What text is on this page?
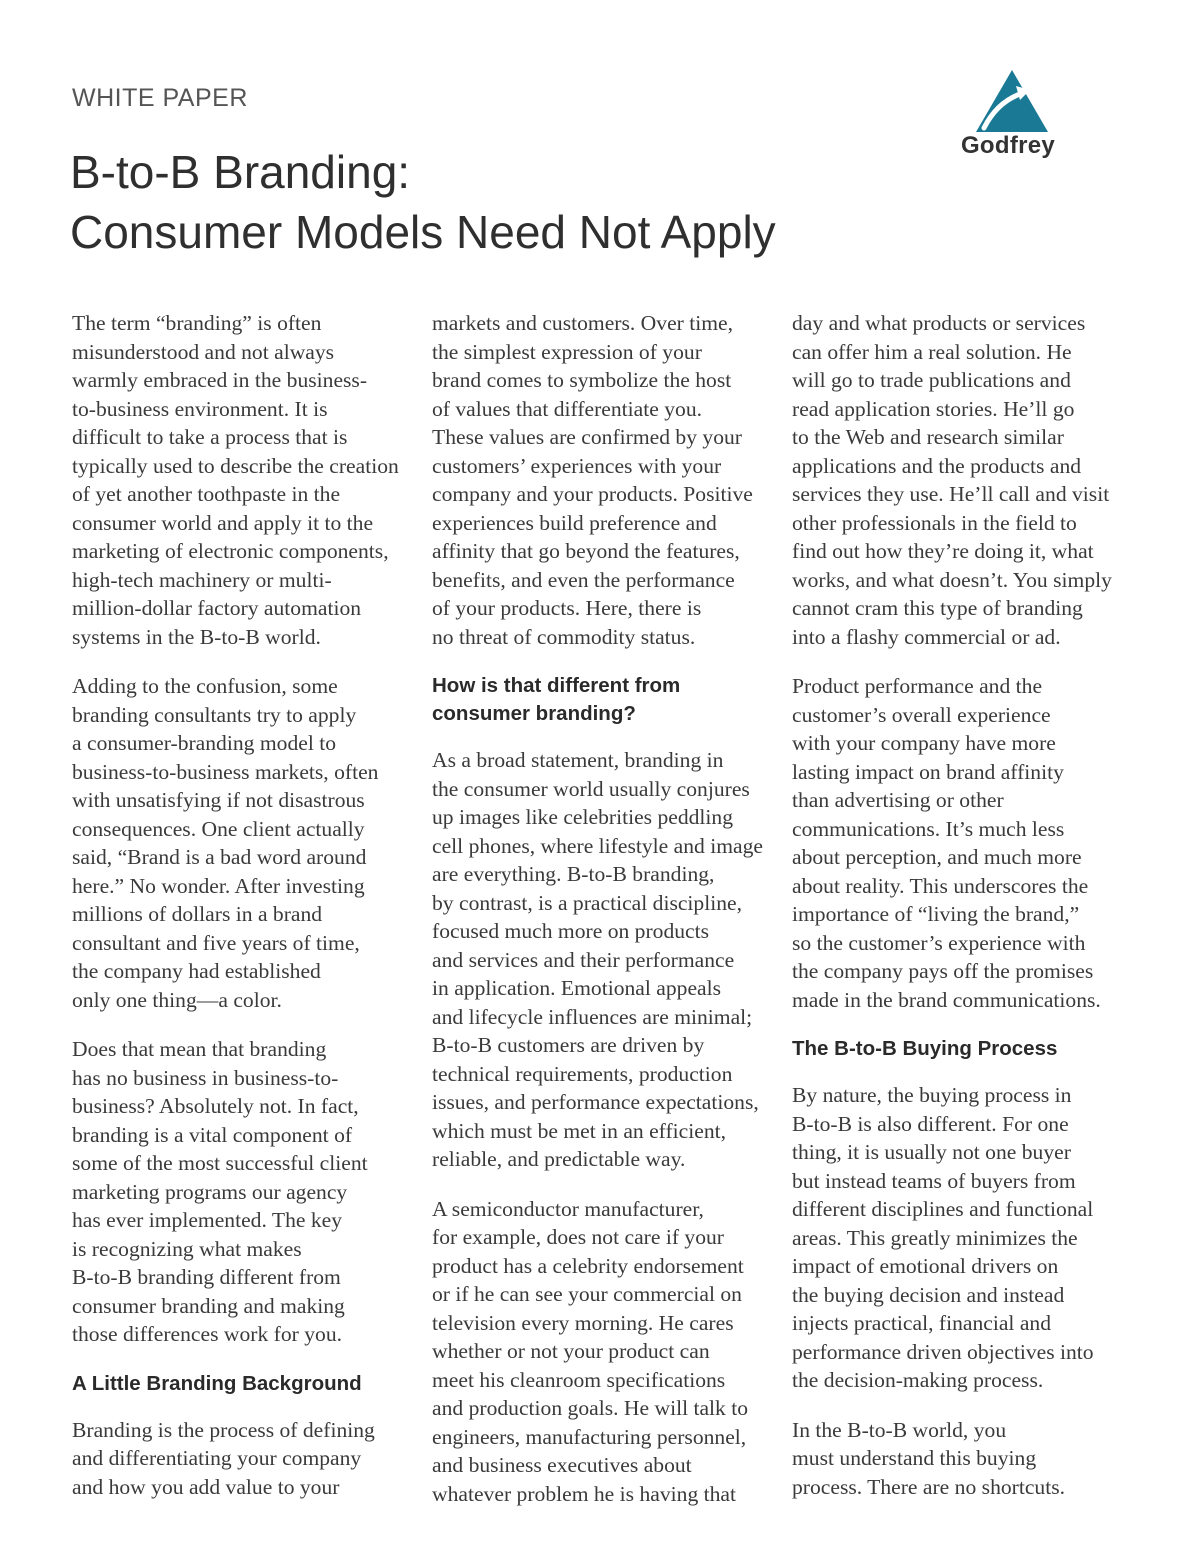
WHITE PAPER

B-to-B Branding:
Consumer Models Need Not Apply
Godfrey

The term “branding” is often
misunderstood and not always
warmly embraced in the business-
to-business environment. It is
difficult to take a process that is
typically used to describe the creation
of yet another toothpaste in the
consumer world and apply it to the
marketing of electronic components,
high-tech machinery or multi-
million-dollar factory automation
systems in the B-to-B world.

Adding to the confusion, some
branding consultants try to apply
a consumer-branding model to
business-to-business markets, often
with unsatisfying if not disastrous
consequences. One client actually
said, “Brand is a bad word around
here.” No wonder. After investing
millions of dollars in a brand
consultant and five years of time,
the company had established
only one thing—a color.

Does that mean that branding
has no business in business-to-
business? Absolutely not. In fact,
branding is a vital component of
some of the most successful client
marketing programs our agency
has ever implemented. The key
is recognizing what makes
B-to-B branding different from
consumer branding and making
those differences work for you.

A Little Branding Background

Branding is the process of defining
and differentiating your company
and how you add value to your

markets and customers. Over time,
the simplest expression of your
brand comes to symbolize the host
of values that differentiate you.
These values are confirmed by your
customers’ experiences with your
company and your products. Positive
experiences build preference and
affinity that go beyond the features,
benefits, and even the performance
of your products. Here, there is
no threat of commodity status.

How is that different from
consumer branding?

As a broad statement, branding in
the consumer world usually conjures
up images like celebrities peddling
cell phones, where lifestyle and image
are everything. B-to-B branding,
by contrast, is a practical discipline,
focused much more on products
and services and their performance
in application. Emotional appeals
and lifecycle influences are minimal;
B-to-B customers are driven by
technical requirements, production
issues, and performance expectations,
which must be met in an efficient,
reliable, and predictable way.

A semiconductor manufacturer,
for example, does not care if your
product has a celebrity endorsement
or if he can see your commercial on
television every morning. He cares
whether or not your product can
meet his cleanroom specifications
and production goals. He will talk to
engineers, manufacturing personnel,
and business executives about
whatever problem he is having that

day and what products or services
can offer him a real solution. He
will go to trade publications and
read application stories. He’ll go
to the Web and research similar
applications and the products and
services they use. He’ll call and visit
other professionals in the field to
find out how they’re doing it, what
works, and what doesn’t. You simply
cannot cram this type of branding
into a flashy commercial or ad.

Product performance and the
customer’s overall experience
with your company have more
lasting impact on brand affinity
than advertising or other
communications. It’s much less
about perception, and much more
about reality. This underscores the
importance of “living the brand,”
so the customer’s experience with
the company pays off the promises
made in the brand communications.

The B-to-B Buying Process

By nature, the buying process in
B-to-B is also different. For one
thing, it is usually not one buyer
but instead teams of buyers from
different disciplines and functional
areas. This greatly minimizes the
impact of emotional drivers on
the buying decision and instead
injects practical, financial and
performance driven objectives into
the decision-making process.

In the B-to-B world, you
must understand this buying
process. There are no shortcuts.
